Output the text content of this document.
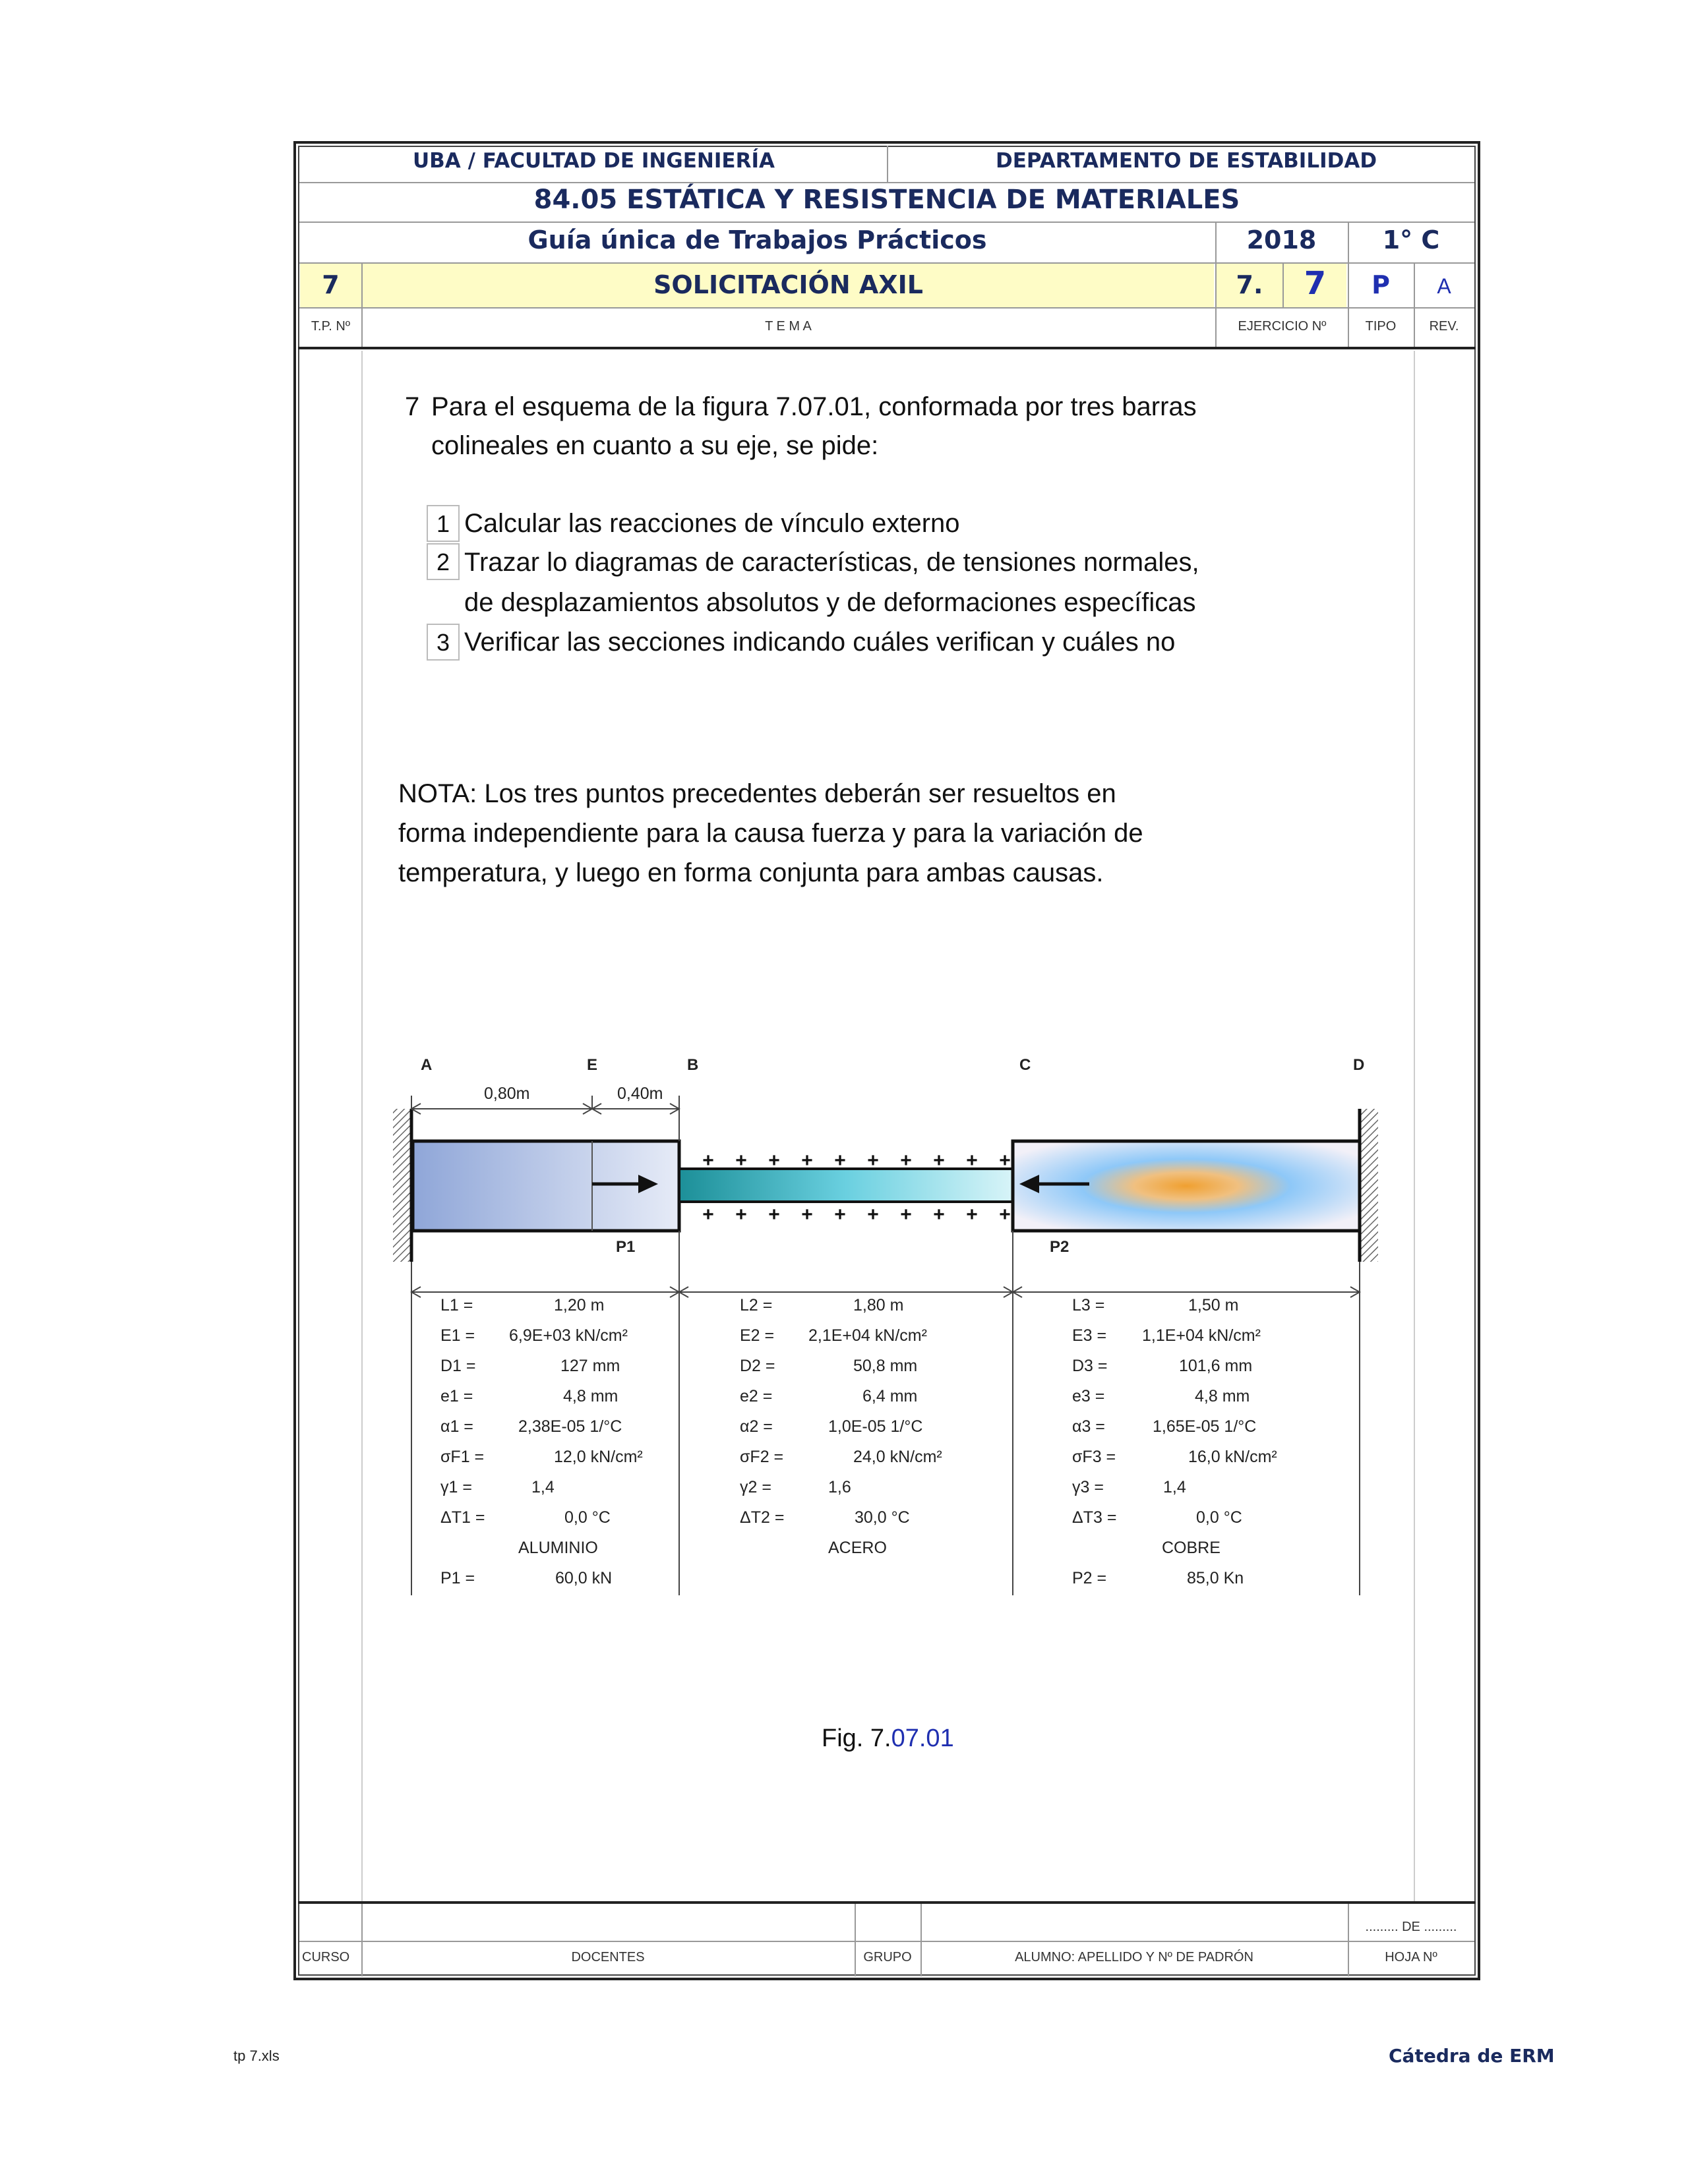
UBA / FACULTAD DE INGENIERÍA	DEPARTAMENTO DE ESTABILIDAD
84.05 ESTÁTICA Y RESISTENCIA DE MATERIALES
Guía única de Trabajos Prácticos	2018	1° C
7	SOLICITACIÓN AXIL	7.	7	P	A
T.P. Nº	T E M A	EJERCICIO Nº	TIPO	REV.
7 Para el esquema de la figura 7.07.01, conformada por tres barras
colineales en cuanto a su eje, se pide:
1 Calcular las reacciones de vínculo externo
2 Trazar lo diagramas de características, de tensiones normales,
de desplazamientos absolutos y de deformaciones específicas
3 Verificar las secciones indicando cuáles verifican y cuáles no
NOTA: Los tres puntos precedentes deberán ser resueltos en
forma independiente para la causa fuerza y para la variación de
temperatura, y luego en forma conjunta para ambas causas.
+ + + + + + + + + +
+ + + + + + + + + +
A	E	B	C	D
0,80m	0,40m
P1	P2
L1 =	1,20 m
E1 = 6,9E+03 kN/cm²
D1 =	127 mm
e1 =	4,8 mm
α1 =	2,38E-05 1/°C
σF1 =	12,0 kN/cm²
γ1 =	1,4
ΔT1 =	0,0 °C
ALUMINIO
P1 =	60,0 kN
L2 =	1,80 m
E2 = 2,1E+04 kN/cm²
D2 =	50,8 mm
e2 =	6,4 mm
α2 =	1,0E-05 1/°C
σF2 =	24,0 kN/cm²
γ2 =	1,6
ΔT2 =	30,0 °C
ACERO
L3 =	1,50 m
E3 = 1,1E+04 kN/cm²
D3 =	101,6 mm
e3 =	4,8 mm
α3 =	1,65E-05 1/°C
σF3 =	16,0 kN/cm²
γ3 =	1,4
ΔT3 =	0,0 °C
COBRE
P2 =	85,0 Kn
Fig. 7.07.01
......... DE .........
CURSO	DOCENTES	GRUPO	ALUMNO: APELLIDO Y Nº DE PADRÓN	HOJA Nº
tp 7.xls	Cátedra de ERM
